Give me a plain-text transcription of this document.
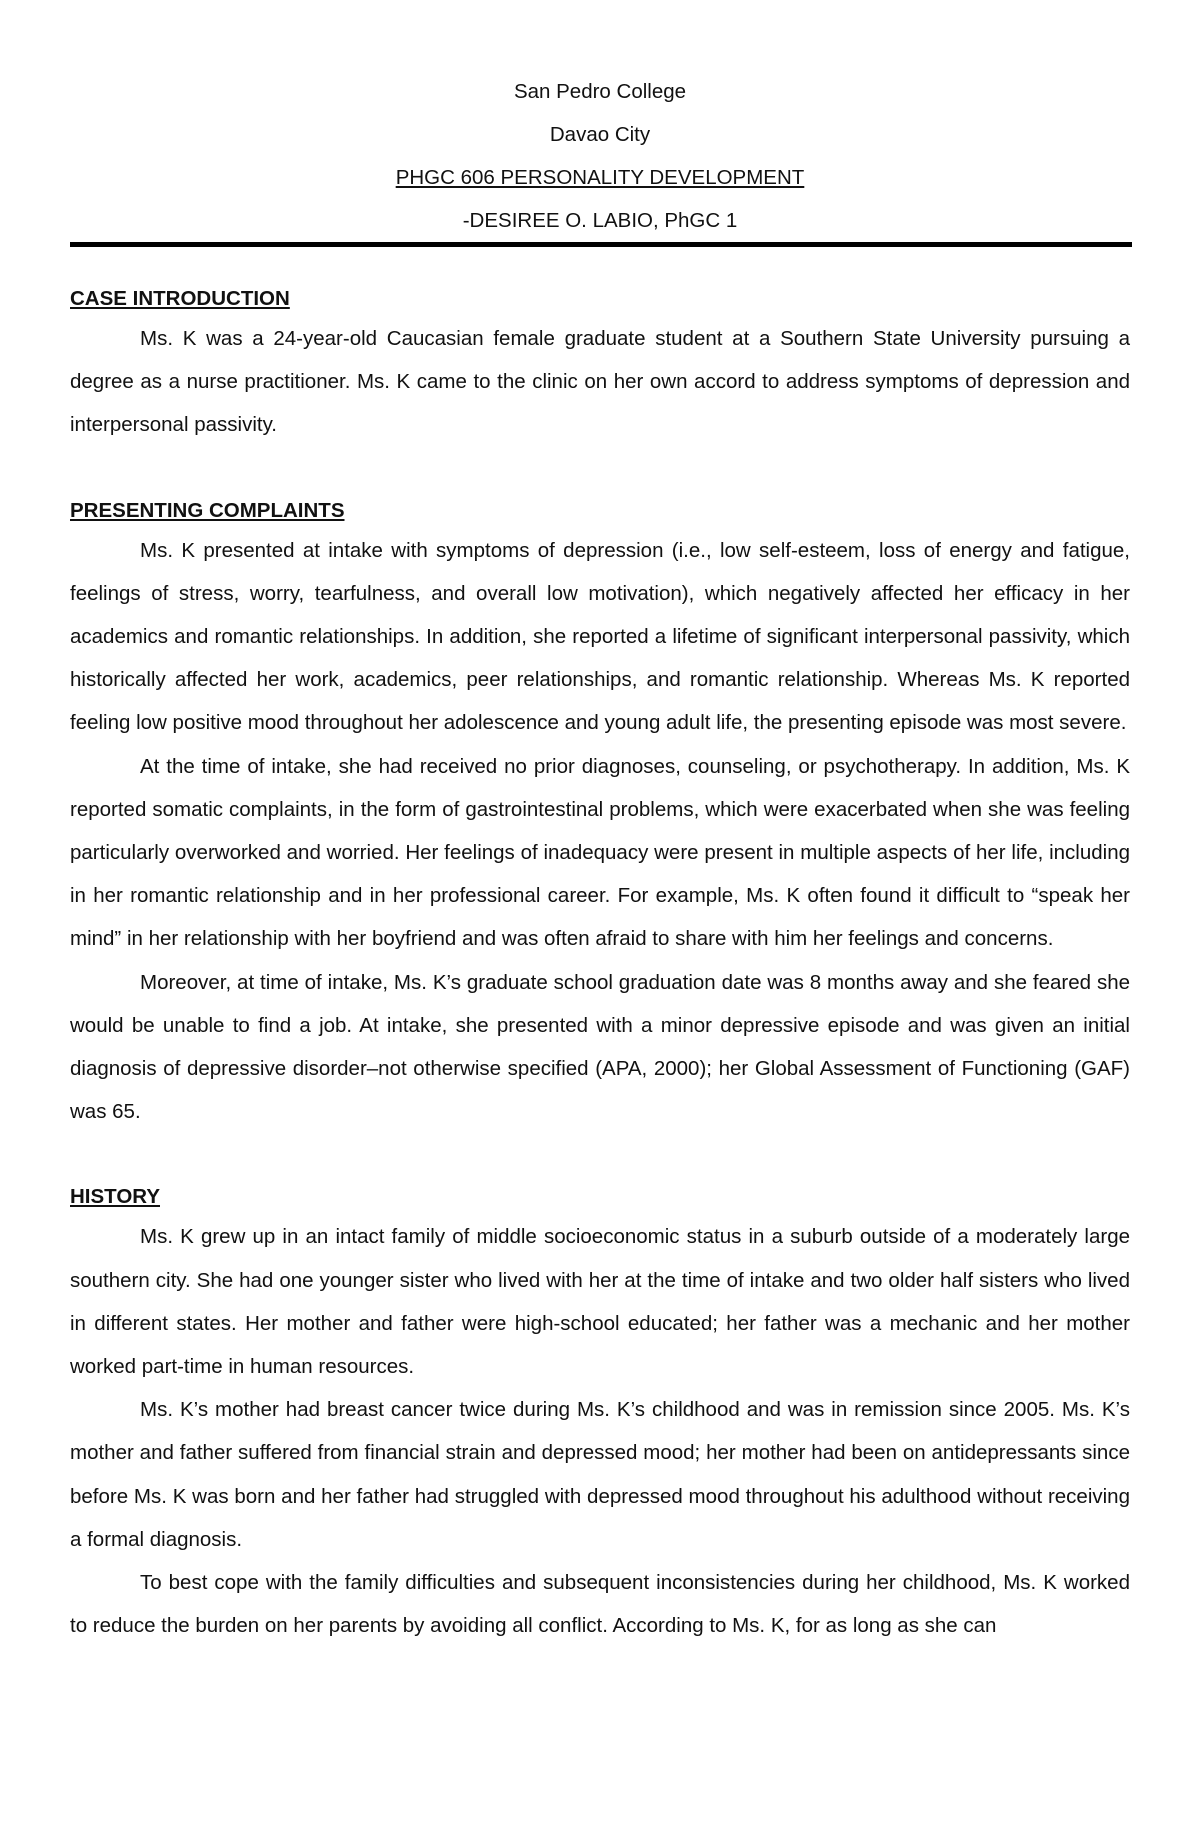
San Pedro College
Davao City
PHGC 606 PERSONALITY DEVELOPMENT
-DESIREE O. LABIO, PhGC 1
CASE INTRODUCTION

Ms. K was a 24-year-old Caucasian female graduate student at a Southern State University pursuing a degree as a nurse practitioner. Ms. K came to the clinic on her own accord to address symptoms of depression and interpersonal passivity.

PRESENTING COMPLAINTS

Ms. K presented at intake with symptoms of depression (i.e., low self-esteem, loss of energy and fatigue, feelings of stress, worry, tearfulness, and overall low motivation), which negatively affected her efficacy in her academics and romantic relationships. In addition, she reported a lifetime of significant interpersonal passivity, which historically affected her work, academics, peer relationships, and romantic relationship. Whereas Ms. K reported feeling low positive mood throughout her adolescence and young adult life, the presenting episode was most severe.

At the time of intake, she had received no prior diagnoses, counseling, or psychotherapy. In addition, Ms. K reported somatic complaints, in the form of gastrointestinal problems, which were exacerbated when she was feeling particularly overworked and worried. Her feelings of inadequacy were present in multiple aspects of her life, including in her romantic relationship and in her professional career. For example, Ms. K often found it difficult to “speak her mind” in her relationship with her boyfriend and was often afraid to share with him her feelings and concerns.

Moreover, at time of intake, Ms. K’s graduate school graduation date was 8 months away and she feared she would be unable to find a job. At intake, she presented with a minor depressive episode and was given an initial diagnosis of depressive disorder–not otherwise specified (APA, 2000); her Global Assessment of Functioning (GAF) was 65.

HISTORY

Ms. K grew up in an intact family of middle socioeconomic status in a suburb outside of a moderately large southern city. She had one younger sister who lived with her at the time of intake and two older half sisters who lived in different states. Her mother and father were high-school educated; her father was a mechanic and her mother worked part-time in human resources.

Ms. K’s mother had breast cancer twice during Ms. K’s childhood and was in remission since 2005. Ms. K’s mother and father suffered from financial strain and depressed mood; her mother had been on antidepressants since before Ms. K was born and her father had struggled with depressed mood throughout his adulthood without receiving a formal diagnosis.

To best cope with the family difficulties and subsequent inconsistencies during her childhood, Ms. K worked to reduce the burden on her parents by avoiding all conflict. According to Ms. K, for as long as she can
